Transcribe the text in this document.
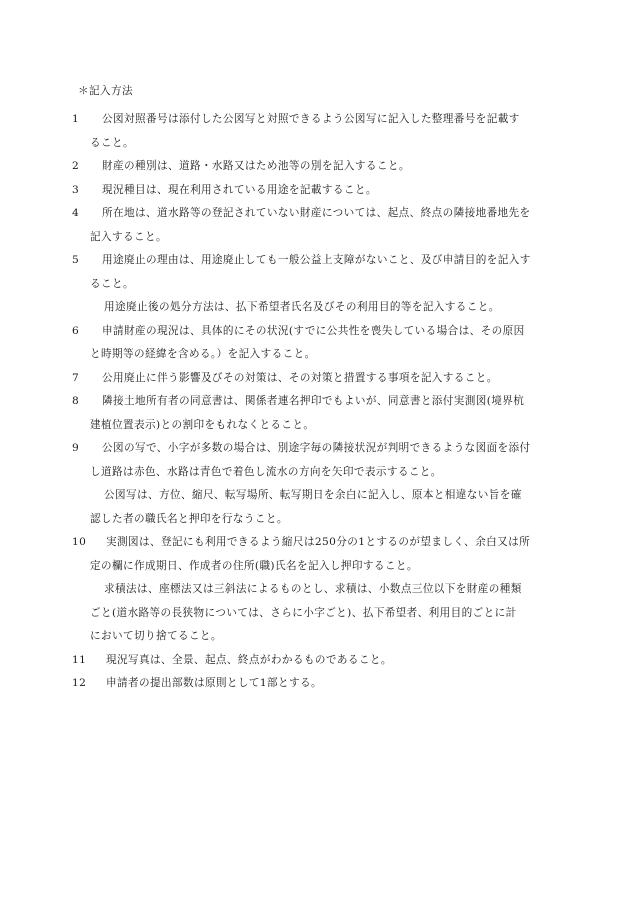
＊記入方法
1 公図対照番号は添付した公図写と対照できるよう公図写に記入した整理番号を記載す
ること。
2 財産の種別は、道路・水路又はため池等の別を記入すること。
3 現況種目は、現在利用されている用途を記載すること。
4 所在地は、道水路等の登記されていない財産については、起点、終点の隣接地番地先を
記入すること。
5 用途廃止の理由は、用途廃止しても一般公益上支障がないこと、及び申請目的を記入す
ること。
用途廃止後の処分方法は、払下希望者氏名及びその利用目的等を記入すること。
6 申請財産の現況は、具体的にその状況(すでに公共性を喪失している場合は、その原因
と時期等の経緯を含める。）を記入すること。
7 公用廃止に伴う影響及びその対策は、その対策と措置する事項を記入すること。
8 隣接土地所有者の同意書は、関係者連名押印でもよいが、同意書と添付実測図(境界杭
建植位置表示)との割印をもれなくとること。
9 公図の写で、小字が多数の場合は、別途字毎の隣接状況が判明できるような図面を添付
し道路は赤色、水路は青色で着色し流水の方向を矢印で表示すること。
公図写は、方位、縮尺、転写場所、転写期日を余白に記入し、原本と相違ない旨を確
認した者の職氏名と押印を行なうこと。
10 実測図は、登記にも利用できるよう縮尺は250分の1とするのが望ましく、余白又は所
定の欄に作成期日、作成者の住所(職)氏名を記入し押印すること。
求積法は、座標法又は三斜法によるものとし、求積は、小数点三位以下を財産の種類
ごと(道水路等の長狭物については、さらに小字ごと)、払下希望者、利用目的ごとに計
において切り捨てること。
11 現況写真は、全景、起点、終点がわかるものであること。
12 申請者の提出部数は原則として1部とする。
